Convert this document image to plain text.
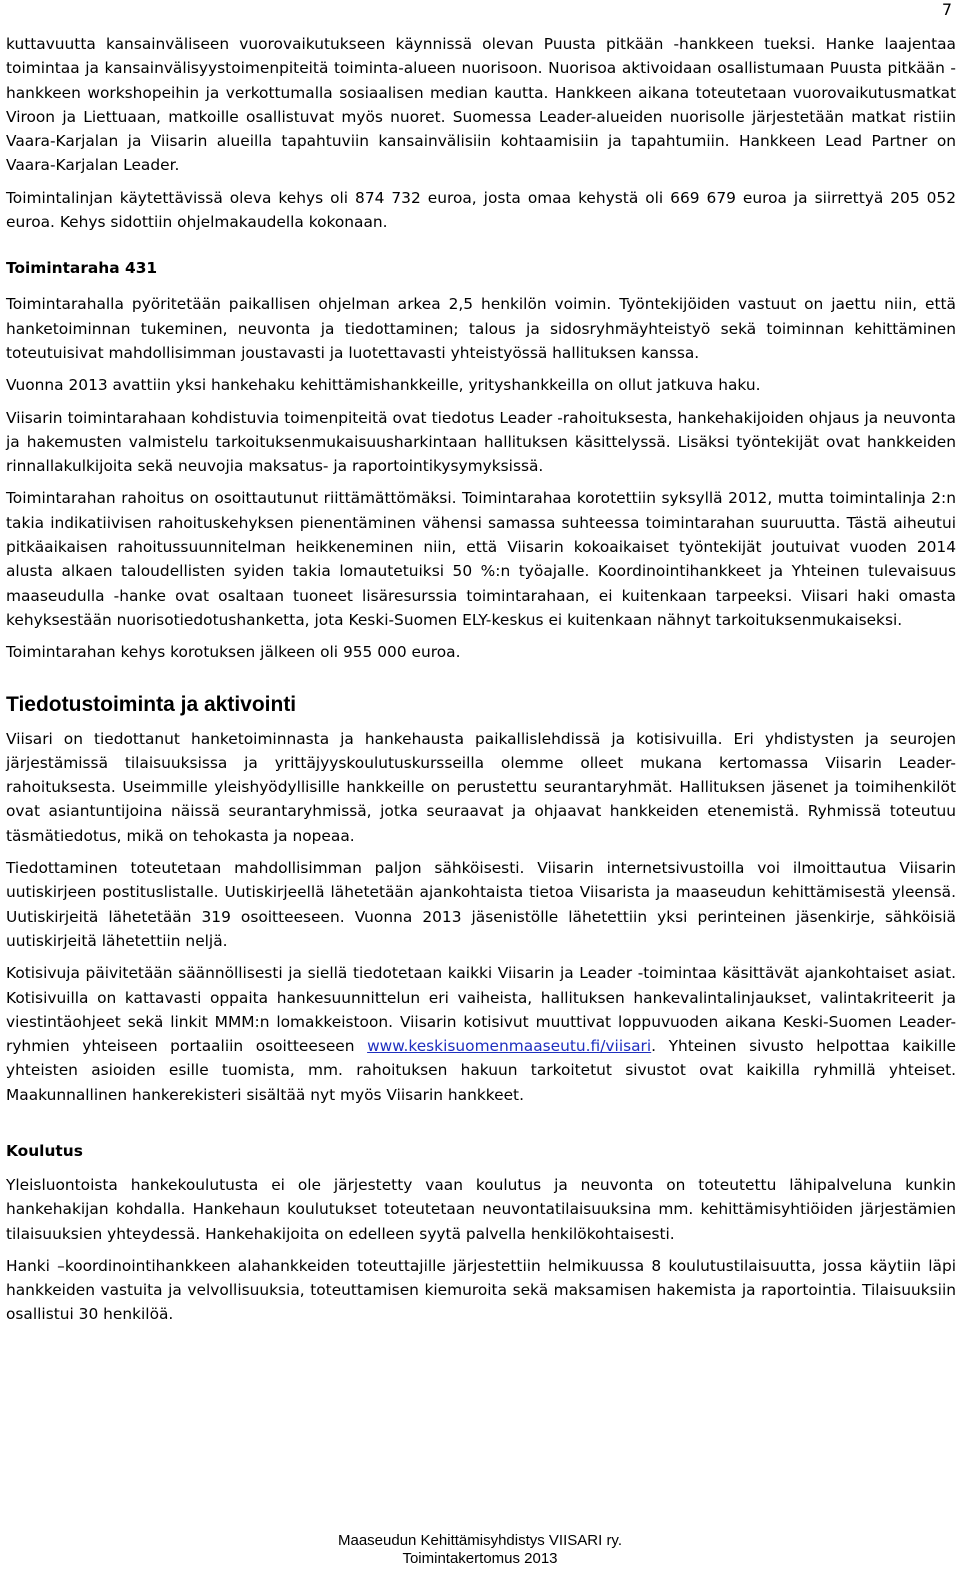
7

kuttavuutta kansainväliseen vuorovaikutukseen käynnissä olevan Puusta pitkään -hankkeen tueksi. Hanke laajentaa toimintaa ja kansainvälisyystoimenpiteitä toiminta-alueen nuorisoon. Nuorisoa aktivoidaan osallistumaan Puusta pitkään -hankkeen workshopeihin ja verkottumalla sosiaalisen median kautta. Hankkeen aikana toteutetaan vuorovaikutusmatkat Viroon ja Liettuaan, matkoille osallistuvat myös nuoret. Suomessa Leader-alueiden nuorisolle järjestetään matkat ristiin Vaara-Karjalan ja Viisarin alueilla tapahtuviin kansainvälisiin kohtaamisiin ja tapahtumiin. Hankkeen Lead Partner on Vaara-Karjalan Leader.

Toimintalinjan käytettävissä oleva kehys oli 874 732 euroa, josta omaa kehystä oli 669 679 euroa ja siirrettyä 205 052 euroa. Kehys sidottiin ohjelmakaudella kokonaan.

Toimintaraha 431

Toimintarahalla pyöritetään paikallisen ohjelman arkea 2,5 henkilön voimin. Työntekijöiden vastuut on jaettu niin, että hanketoiminnan tukeminen, neuvonta ja tiedottaminen; talous ja sidosryhmäyhteistyö sekä toiminnan kehittäminen toteutuisivat mahdollisimman joustavasti ja luotettavasti yhteistyössä hallituksen kanssa.

Vuonna 2013 avattiin yksi hankehaku kehittämishankkeille, yrityshankkeilla on ollut jatkuva haku.

Viisarin toimintarahaan kohdistuvia toimenpiteitä ovat tiedotus Leader -rahoituksesta, hankehakijoiden ohjaus ja neuvonta ja hakemusten valmistelu tarkoituksenmukaisuusharkintaan hallituksen käsittelyssä. Lisäksi työntekijät ovat hankkeiden rinnallakulkijoita sekä neuvojia maksatus- ja raportointikysymyksissä.

Toimintarahan rahoitus on osoittautunut riittämättömäksi. Toimintarahaa korotettiin syksyllä 2012, mutta toimintalinja 2:n takia indikatiivisen rahoituskehyksen pienentäminen vähensi samassa suhteessa toimintarahan suuruutta. Tästä aiheutui pitkäaikaisen rahoitussuunnitelman heikkeneminen niin, että Viisarin kokoaikaiset työntekijät joutuivat vuoden 2014 alusta alkaen taloudellisten syiden takia lomautetuiksi 50 %:n työajalle. Koordinointihankkeet ja Yhteinen tulevaisuus maaseudulla -hanke ovat osaltaan tuoneet lisäresurssia toimintarahaan, ei kuitenkaan tarpeeksi. Viisari haki omasta kehyksestään nuorisotiedotushanketta, jota Keski-Suomen ELY-keskus ei kuitenkaan nähnyt tarkoituksenmukaiseksi.

Toimintarahan kehys korotuksen jälkeen oli 955 000 euroa.

Tiedotustoiminta ja aktivointi

Viisari on tiedottanut hanketoiminnasta ja hankehausta paikallislehdissä ja kotisivuilla. Eri yhdistysten ja seurojen järjestämissä tilaisuuksissa ja yrittäjyyskoulutuskursseilla olemme olleet mukana kertomassa Viisarin Leader-rahoituksesta. Useimmille yleishyödyllisille hankkeille on perustettu seurantaryhmät. Hallituksen jäsenet ja toimihenkilöt ovat asiantuntijoina näissä seurantaryhmissä, jotka seuraavat ja ohjaavat hankkeiden etenemistä. Ryhmissä toteutuu täsmätiedotus, mikä on tehokasta ja nopeaa.

Tiedottaminen toteutetaan mahdollisimman paljon sähköisesti. Viisarin internetsivustoilla voi ilmoittautua Viisarin uutiskirjeen postituslistalle. Uutiskirjeellä lähetetään ajankohtaista tietoa Viisarista ja maaseudun kehittämisestä yleensä. Uutiskirjeitä lähetetään 319 osoitteeseen. Vuonna 2013 jäsenistölle lähetettiin yksi perinteinen jäsenkirje, sähköisiä uutiskirjeitä lähetettiin neljä.

Kotisivuja päivitetään säännöllisesti ja siellä tiedotetaan kaikki Viisarin ja Leader -toimintaa käsittävät ajankohtaiset asiat. Kotisivuilla on kattavasti oppaita hankesuunnittelun eri vaiheista, hallituksen hankevalintalinjaukset, valintakriteerit ja viestintäohjeet sekä linkit MMM:n lomakkeistoon. Viisarin kotisivut muuttivat loppuvuoden aikana Keski-Suomen Leader-ryhmien yhteiseen portaaliin osoitteeseen www.keskisuomenmaaseutu.fi/viisari. Yhteinen sivusto helpottaa kaikille yhteisten asioiden esille tuomista, mm. rahoituksen hakuun tarkoitetut sivustot ovat kaikilla ryhmillä yhteiset. Maakunnallinen hankerekisteri sisältää nyt myös Viisarin hankkeet.

Koulutus

Yleisluontoista hankekoulutusta ei ole järjestetty vaan koulutus ja neuvonta on toteutettu lähipalveluna kunkin hankehakijan kohdalla. Hankehaun koulutukset toteutetaan neuvontatilaisuuksina mm. kehittämisyhtiöiden järjestämien tilaisuuksien yhteydessä. Hankehakijoita on edelleen syytä palvella henkilökohtaisesti.

Hanki –koordinointihankkeen alahankkeiden toteuttajille järjestettiin helmikuussa 8 koulutustilaisuutta, jossa käytiin läpi hankkeiden vastuita ja velvollisuuksia, toteuttamisen kiemuroita sekä maksamisen hakemista ja raportointia. Tilaisuuksiin osallistui 30 henkilöä.

Maaseudun Kehittämisyhdistys VIISARI ry.
Toimintakertomus 2013
